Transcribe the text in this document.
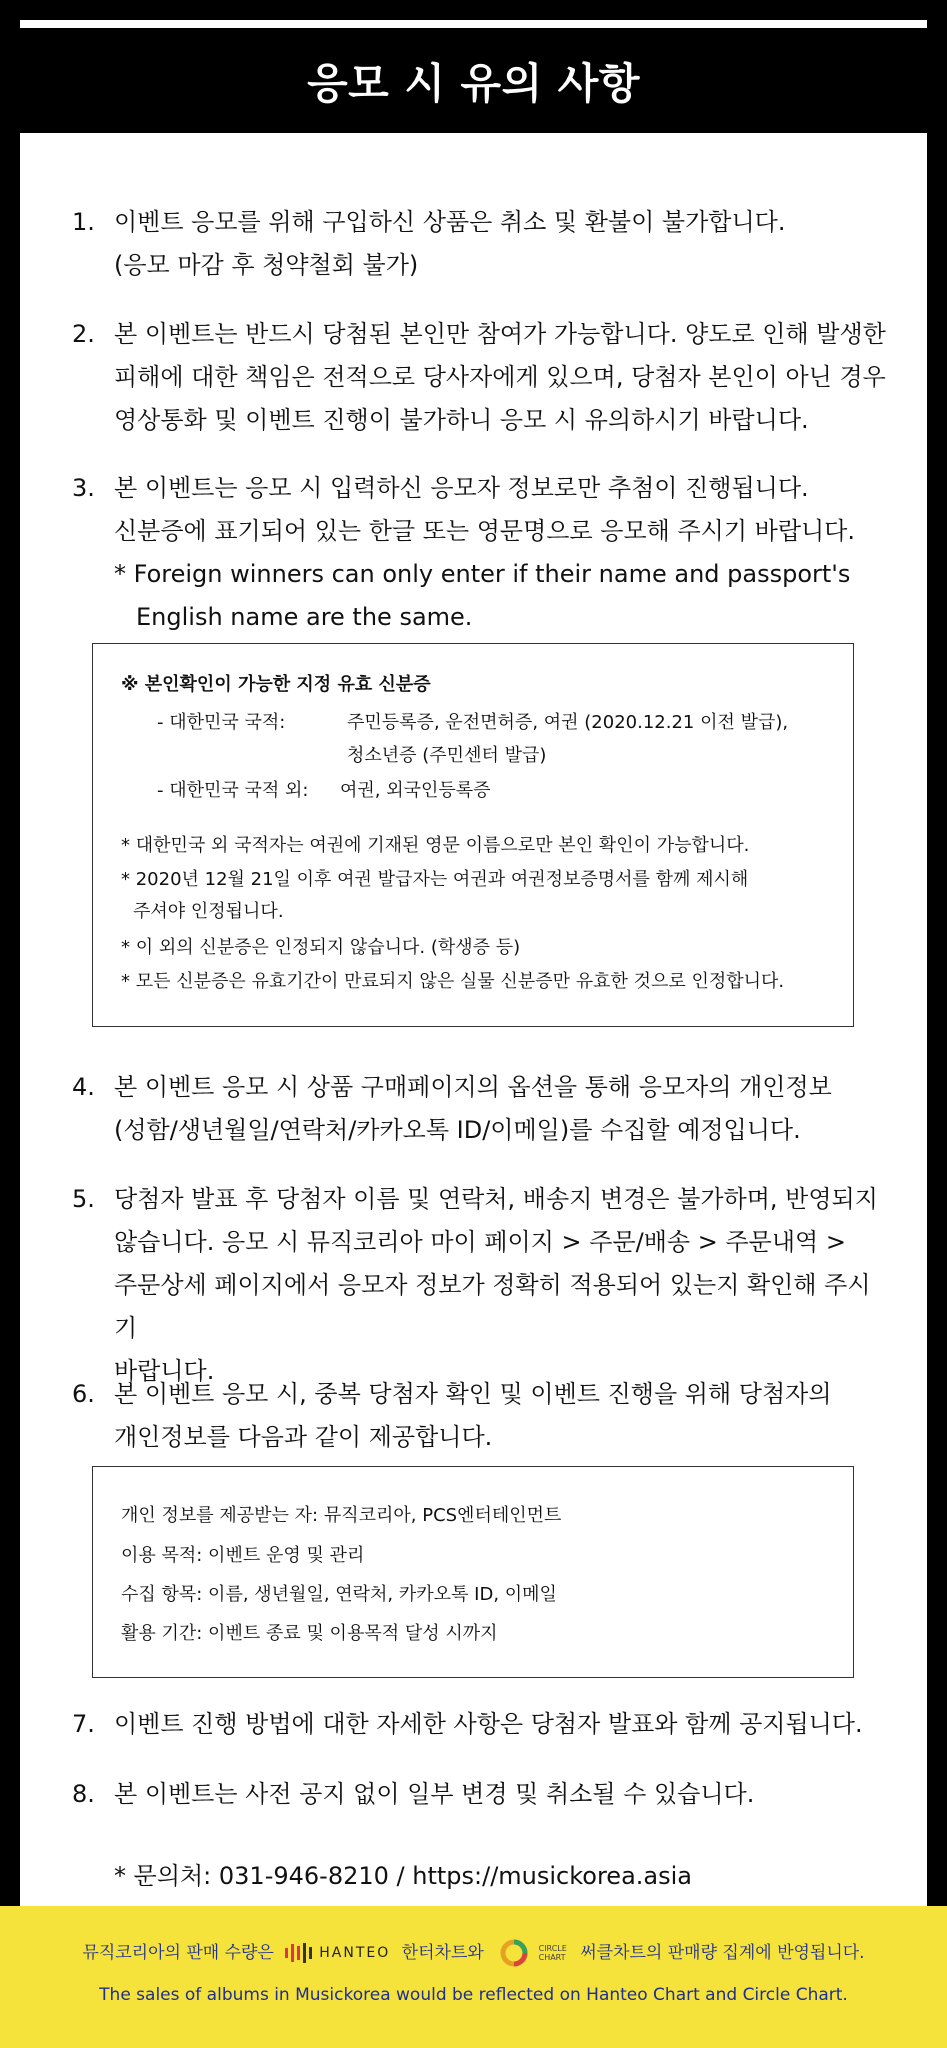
응모 시 유의 사항
1. 이벤트 응모를 위해 구입하신 상품은 취소 및 환불이 불가합니다.
(응모 마감 후 청약철회 불가)
2. 본 이벤트는 반드시 당첨된 본인만 참여가 가능합니다. 양도로 인해 발생한
피해에 대한 책임은 전적으로 당사자에게 있으며, 당첨자 본인이 아닌 경우
영상통화 및 이벤트 진행이 불가하니 응모 시 유의하시기 바랍니다.
3. 본 이벤트는 응모 시 입력하신 응모자 정보로만 추첨이 진행됩니다.
신분증에 표기되어 있는 한글 또는 영문명으로 응모해 주시기 바랍니다.
* Foreign winners can only enter if their name and passport's
English name are the same.
※ 본인확인이 가능한 지정 유효 신분증
- 대한민국 국적:	주민등록증, 운전면허증, 여권 (2020.12.21 이전 발급),
청소년증 (주민센터 발급)
- 대한민국 국적 외: 여권, 외국인등록증
* 대한민국 외 국적자는 여권에 기재된 영문 이름으로만 본인 확인이 가능합니다.
* 2020년 12월 21일 이후 여권 발급자는 여권과 여권정보증명서를 함께 제시해
주셔야 인정됩니다.
* 이 외의 신분증은 인정되지 않습니다. (학생증 등)
* 모든 신분증은 유효기간이 만료되지 않은 실물 신분증만 유효한 것으로 인정합니다.
4. 본 이벤트 응모 시 상품 구매페이지의 옵션을 통해 응모자의 개인정보
(성함/생년월일/연락처/카카오톡 ID/이메일)를 수집할 예정입니다.
5. 당첨자 발표 후 당첨자 이름 및 연락처, 배송지 변경은 불가하며, 반영되지
않습니다. 응모 시 뮤직코리아 마이 페이지 > 주문/배송 > 주문내역 >
주문상세 페이지에서 응모자 정보가 정확히 적용되어 있는지 확인해 주시기
바랍니다.
6. 본 이벤트 응모 시, 중복 당첨자 확인 및 이벤트 진행을 위해 당첨자의
개인정보를 다음과 같이 제공합니다.
개인 정보를 제공받는 자: 뮤직코리아, PCS엔터테인먼트
이용 목적: 이벤트 운영 및 관리
수집 항목: 이름, 생년월일, 연락처, 카카오톡 ID, 이메일
활용 기간: 이벤트 종료 및 이용목적 달성 시까지
7. 이벤트 진행 방법에 대한 자세한 사항은 당첨자 발표와 함께 공지됩니다.
8. 본 이벤트는 사전 공지 없이 일부 변경 및 취소될 수 있습니다.
* 문의처: 031-946-8210 / https://musickorea.asia
뮤직코리아의 판매 수량은	HANTEO 한터차트와	CIRCLE
CHART 써클차트의 판매량 집계에 반영됩니다.
The sales of albums in Musickorea would be reflected on Hanteo Chart and Circle Chart.
